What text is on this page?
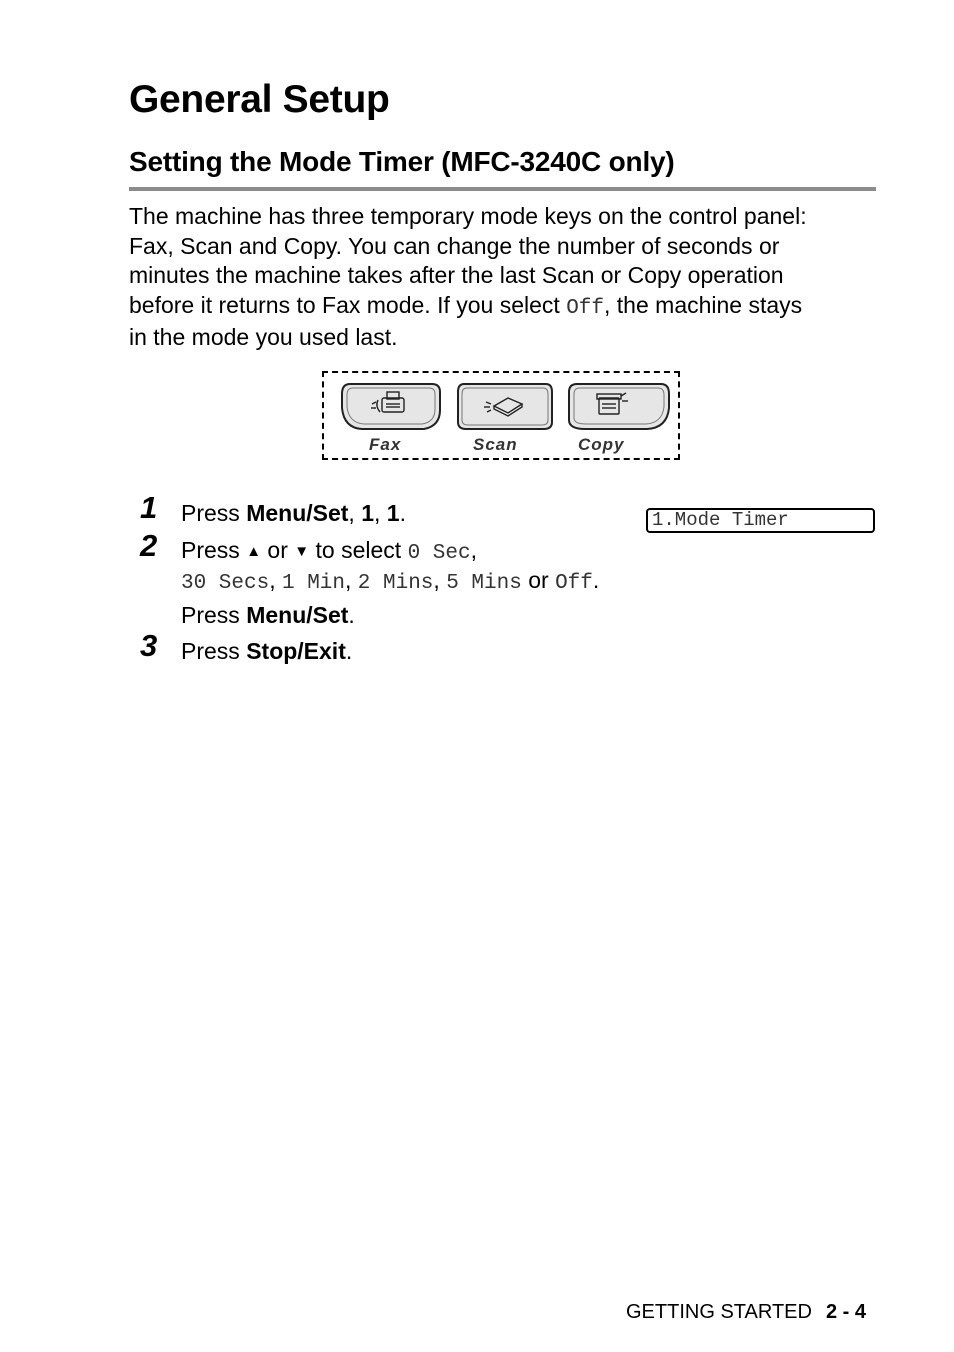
General Setup
Setting the Mode Timer (MFC-3240C only)

The machine has three temporary mode keys on the control panel:
Fax, Scan and Copy. You can change the number of seconds or
minutes the machine takes after the last Scan or Copy operation
before it returns to Fax mode. If you select Off, the machine stays
in the mode you used last.

Fax	Scan	Copy
1 Press Menu/Set, 1, 1.	1.Mode Timer
2 Press ▲ or ▼ to select 0 Sec,
30 Secs, 1 Min, 2 Mins, 5 Mins or Off.
Press Menu/Set.
3 Press Stop/Exit.
GETTING STARTED 2 - 4
